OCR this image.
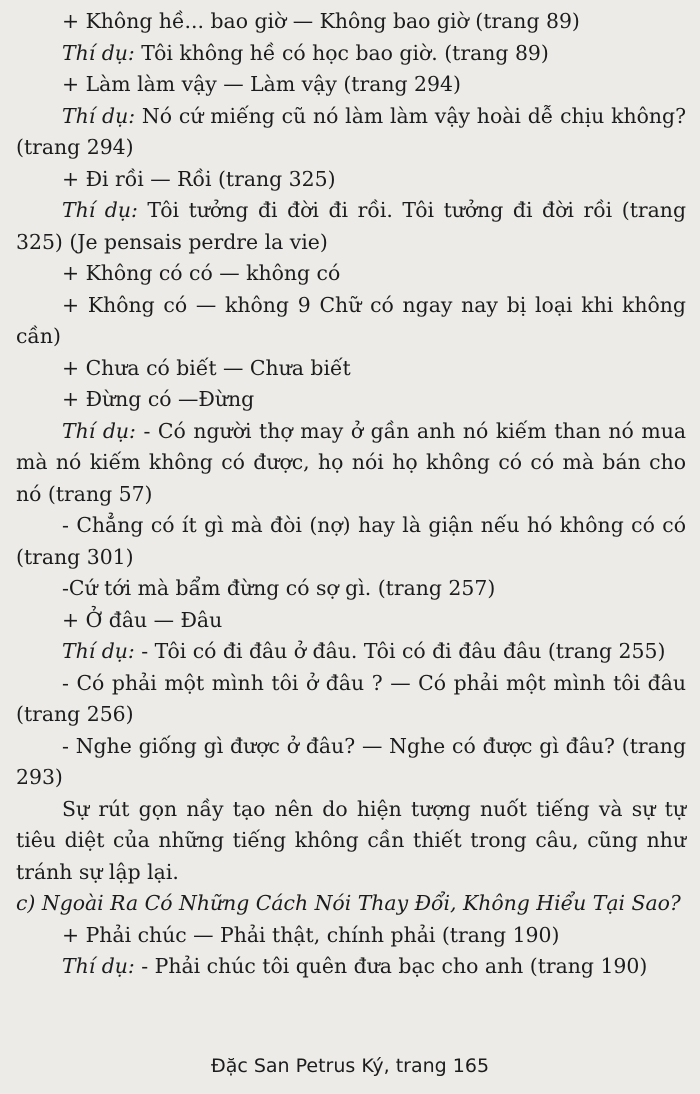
+ Không hề... bao giờ — Không bao giờ (trang 89)

Thí dụ: Tôi không hề có học bao giờ. (trang 89)

+ Làm làm vậy — Làm vậy (trang 294)

Thí dụ: Nó cứ miếng cũ nó làm làm vậy hoài dễ chịu không? (trang 294)

+ Đi rồi — Rồi (trang 325)

Thí dụ: Tôi tưởng đi đời đi rồi. Tôi tưởng đi đời rồi (trang 325) (Je pensais perdre la vie)

+ Không có có — không có

+ Không có — không 9 Chữ có ngay nay bị loại khi không cần)

+ Chưa có biết — Chưa biết

+ Đừng có —Đừng

Thí dụ: - Có người thợ may ở gần anh nó kiếm than nó mua mà nó kiếm không có được, họ nói họ không có có mà bán cho nó (trang 57)

- Chẳng có ít gì mà đòi (nợ) hay là giận nếu hó không có có (trang 301)

-Cứ tới mà bẩm đừng có sợ gì. (trang 257)

+ Ở đâu — Đâu

Thí dụ: - Tôi có đi đâu ở đâu. Tôi có đi đâu đâu (trang 255)

- Có phải một mình tôi ở đâu ? — Có phải một mình tôi đâu (trang 256)

- Nghe giống gì được ở đâu? — Nghe có được gì đâu? (trang 293)

Sự rút gọn nầy tạo nên do hiện tượng nuốt tiếng và sự tự tiêu diệt của những tiếng không cần thiết trong câu, cũng như tránh sự lập lại.

c) Ngoài Ra Có Những Cách Nói Thay Đổi, Không Hiểu Tại Sao?

+ Phải chúc — Phải thật, chính phải (trang 190)

Thí dụ: - Phải chúc tôi quên đưa bạc cho anh (trang 190)

Đặc San Petrus Ký, trang 165
